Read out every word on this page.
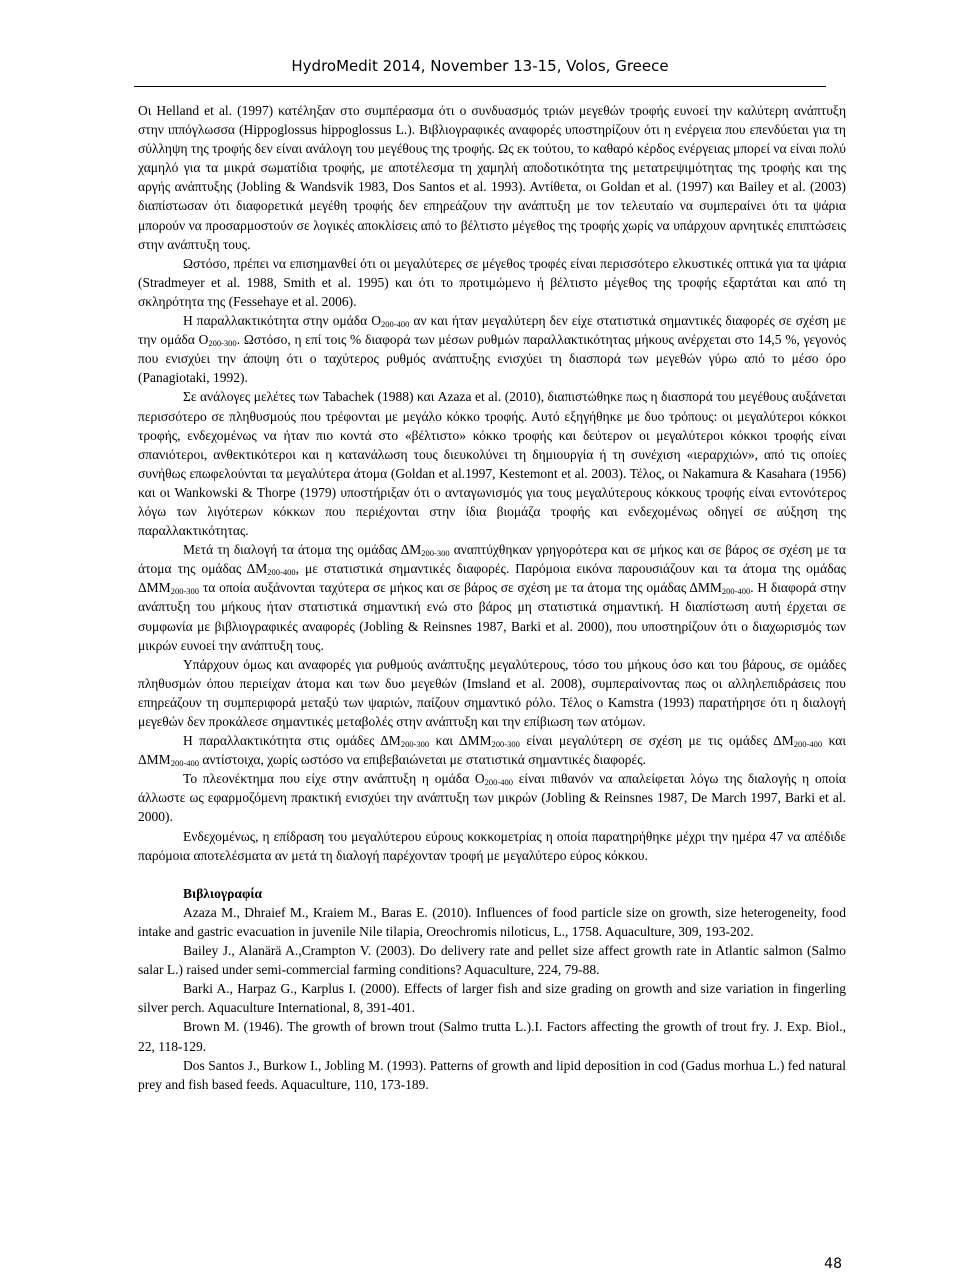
HydroMedit 2014, November 13-15, Volos, Greece

Οι Helland et al. (1997) κατέληξαν στο συμπέρασμα ότι ο συνδυασμός τριών μεγεθών τροφής ευνοεί την καλύτερη ανάπτυξη στην ιππόγλωσσα (Hippoglossus hippoglossus L.). Βιβλιογραφικές αναφορές υποστηρίζουν ότι η ενέργεια που επενδύεται για τη σύλληψη της τροφής δεν είναι ανάλογη του μεγέθους της τροφής. Ως εκ τούτου, το καθαρό κέρδος ενέργειας μπορεί να είναι πολύ χαμηλό για τα μικρά σωματίδια τροφής, με αποτέλεσμα τη χαμηλή αποδοτικότητα της μετατρεψιμότητας της τροφής και της αργής ανάπτυξης (Jobling & Wandsvik 1983, Dos Santos et al. 1993). Αντίθετα, οι Goldan et al. (1997) και Bailey et al. (2003) διαπίστωσαν ότι διαφορετικά μεγέθη τροφής δεν επηρεάζουν την ανάπτυξη με τον τελευταίο να συμπεραίνει ότι τα ψάρια μπορούν να προσαρμοστούν σε λογικές αποκλίσεις από το βέλτιστο μέγεθος της τροφής χωρίς να υπάρχουν αρνητικές επιπτώσεις στην ανάπτυξη τους.

Ωστόσο, πρέπει να επισημανθεί ότι οι μεγαλύτερες σε μέγεθος τροφές είναι περισσότερο ελκυστικές οπτικά για τα ψάρια (Stradmeyer et al. 1988, Smith et al. 1995) και ότι το προτιμώμενο ή βέλτιστο μέγεθος της τροφής εξαρτάται και από τη σκληρότητα της (Fessehaye et al. 2006).

Η παραλλακτικότητα στην ομάδα $O_{200-400}$ αν και ήταν μεγαλύτερη δεν είχε στατιστικά σημαντικές διαφορές σε σχέση με την ομάδα $O_{200-300}$. Ωστόσο, η επί τοις % διαφορά των μέσων ρυθμών παραλλακτικότητας μήκους ανέρχεται στο 14,5 %, γεγονός που ενισχύει την άποψη ότι ο ταχύτερος ρυθμός ανάπτυξης ενισχύει τη διασπορά των μεγεθών γύρω από το μέσο όρο (Panagiotaki, 1992).

Σε ανάλογες μελέτες των Tabachek (1988) και Azaza et al. (2010), διαπιστώθηκε πως η διασπορά του μεγέθους αυξάνεται περισσότερο σε πληθυσμούς που τρέφονται με μεγάλο κόκκο τροφής. Αυτό εξηγήθηκε με δυο τρόπους: οι μεγαλύτεροι κόκκοι τροφής, ενδεχομένως να ήταν πιο κοντά στο «βέλτιστο» κόκκο τροφής και δεύτερον οι μεγαλύτεροι κόκκοι τροφής είναι σπανιότεροι, ανθεκτικότεροι και η κατανάλωση τους διευκολύνει τη δημιουργία ή τη συνέχιση «ιεραρχιών», από τις οποίες συνήθως επωφελούνται τα μεγαλύτερα άτομα (Goldan et al.1997, Kestemont et al. 2003). Τέλος, οι Nakamura & Kasahara (1956) και οι Wankowski & Thorpe (1979) υποστήριξαν ότι ο ανταγωνισμός για τους μεγαλύτερους κόκκους τροφής είναι εντονότερος λόγω των λιγότερων κόκκων που περιέχονται στην ίδια βιομάζα τροφής και ενδεχομένως οδηγεί σε αύξηση της παραλλακτικότητας.

Μετά τη διαλογή τα άτομα της ομάδας $\Delta M_{200-300}$ αναπτύχθηκαν γρηγορότερα και σε μήκος και σε βάρος σε σχέση με τα άτομα της ομάδας $\Delta M_{200-400}$, με στατιστικά σημαντικές διαφορές. Παρόμοια εικόνα παρουσιάζουν και τα άτομα της ομάδας $\Delta MM_{200-300}$ τα οποία αυξάνονται ταχύτερα σε μήκος και σε βάρος σε σχέση με τα άτομα της ομάδας $\Delta MM_{200-400}$. Η διαφορά στην ανάπτυξη του μήκους ήταν στατιστικά σημαντική ενώ στο βάρος μη στατιστικά σημαντική. Η διαπίστωση αυτή έρχεται σε συμφωνία με βιβλιογραφικές αναφορές (Jobling & Reinsnes 1987, Barki et al. 2000), που υποστηρίζουν ότι ο διαχωρισμός των μικρών ευνοεί την ανάπτυξη τους.

Υπάρχουν όμως και αναφορές για ρυθμούς ανάπτυξης μεγαλύτερους, τόσο του μήκους όσο και του βάρους, σε ομάδες πληθυσμών όπου περιείχαν άτομα και των δυο μεγεθών (Imsland et al. 2008), συμπεραίνοντας πως οι αλληλεπιδράσεις που επηρεάζουν τη συμπεριφορά μεταξύ των ψαριών, παίζουν σημαντικό ρόλο. Τέλος ο Kamstra (1993) παρατήρησε ότι η διαλογή μεγεθών δεν προκάλεσε σημαντικές μεταβολές στην ανάπτυξη και την επίβιωση των ατόμων.

Η παραλλακτικότητα στις ομάδες $\Delta M_{200-300}$ και $\Delta MM_{200-300}$ είναι μεγαλύτερη σε σχέση με τις ομάδες $\Delta M_{200-400}$ και $\Delta MM_{200-400}$ αντίστοιχα, χωρίς ωστόσο να επιβεβαιώνεται με στατιστικά σημαντικές διαφορές.

Το πλεονέκτημα που είχε στην ανάπτυξη η ομάδα $O_{200-400}$ είναι πιθανόν να απαλείφεται λόγω της διαλογής η οποία άλλωστε ως εφαρμοζόμενη πρακτική ενισχύει την ανάπτυξη των μικρών (Jobling & Reinsnes 1987, De March 1997, Barki et al. 2000).

Ενδεχομένως, η επίδραση του μεγαλύτερου εύρους κοκκομετρίας η οποία παρατηρήθηκε μέχρι την ημέρα 47 να απέδιδε παρόμοια αποτελέσματα αν μετά τη διαλογή παρέχονταν τροφή με μεγαλύτερο εύρος κόκκου.

Βιβλιογραφία

Azaza M., Dhraief M., Kraiem M., Baras E. (2010). Influences of food particle size on growth, size heterogeneity, food intake and gastric evacuation in juvenile Nile tilapia, Oreochromis niloticus, L., 1758. Aquaculture, 309, 193-202.

Bailey J., Alanärä A.,Crampton V. (2003). Do delivery rate and pellet size affect growth rate in Atlantic salmon (Salmo salar L.) raised under semi-commercial farming conditions? Aquaculture, 224, 79-88.

Barki A., Harpaz G., Karplus I. (2000). Effects of larger fish and size grading on growth and size variation in fingerling silver perch. Aquaculture International, 8, 391-401.

Brown M. (1946). The growth of brown trout (Salmo trutta L.).I. Factors affecting the growth of trout fry. J. Exp. Biol., 22, 118-129.

Dos Santos J., Burkow I., Jobling M. (1993). Patterns of growth and lipid deposition in cod (Gadus morhua L.) fed natural prey and fish based feeds. Aquaculture, 110, 173-189.

48
